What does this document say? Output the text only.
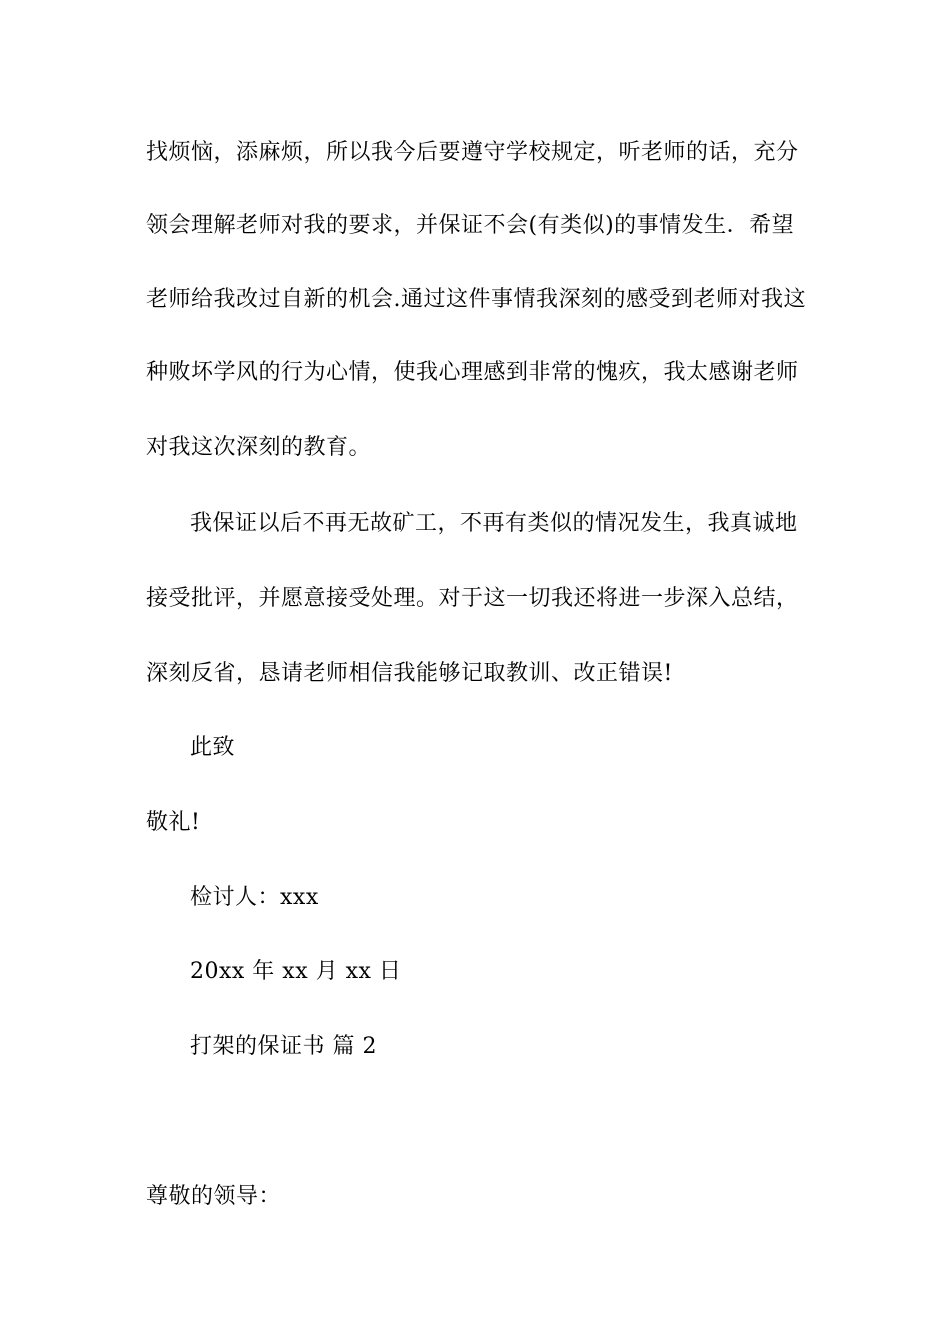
找烦恼，添麻烦，所以我今后要遵守学校规定，听老师的话，充分
领会理解老师对我的要求，并保证不会(有类似)的事情发生．希望
老师给我改过自新的机会.通过这件事情我深刻的感受到老师对我这
种败坏学风的行为心情，使我心理感到非常的愧疚，我太感谢老师
对我这次深刻的教育。
我保证以后不再无故矿工，不再有类似的情况发生，我真诚地
接受批评，并愿意接受处理。对于这一切我还将进一步深入总结，
深刻反省，恳请老师相信我能够记取教训、改正错误!
此致
敬礼!
检讨人：xxx
20xx 年 xx 月 xx 日
打架的保证书 篇 2
尊敬的领导：
